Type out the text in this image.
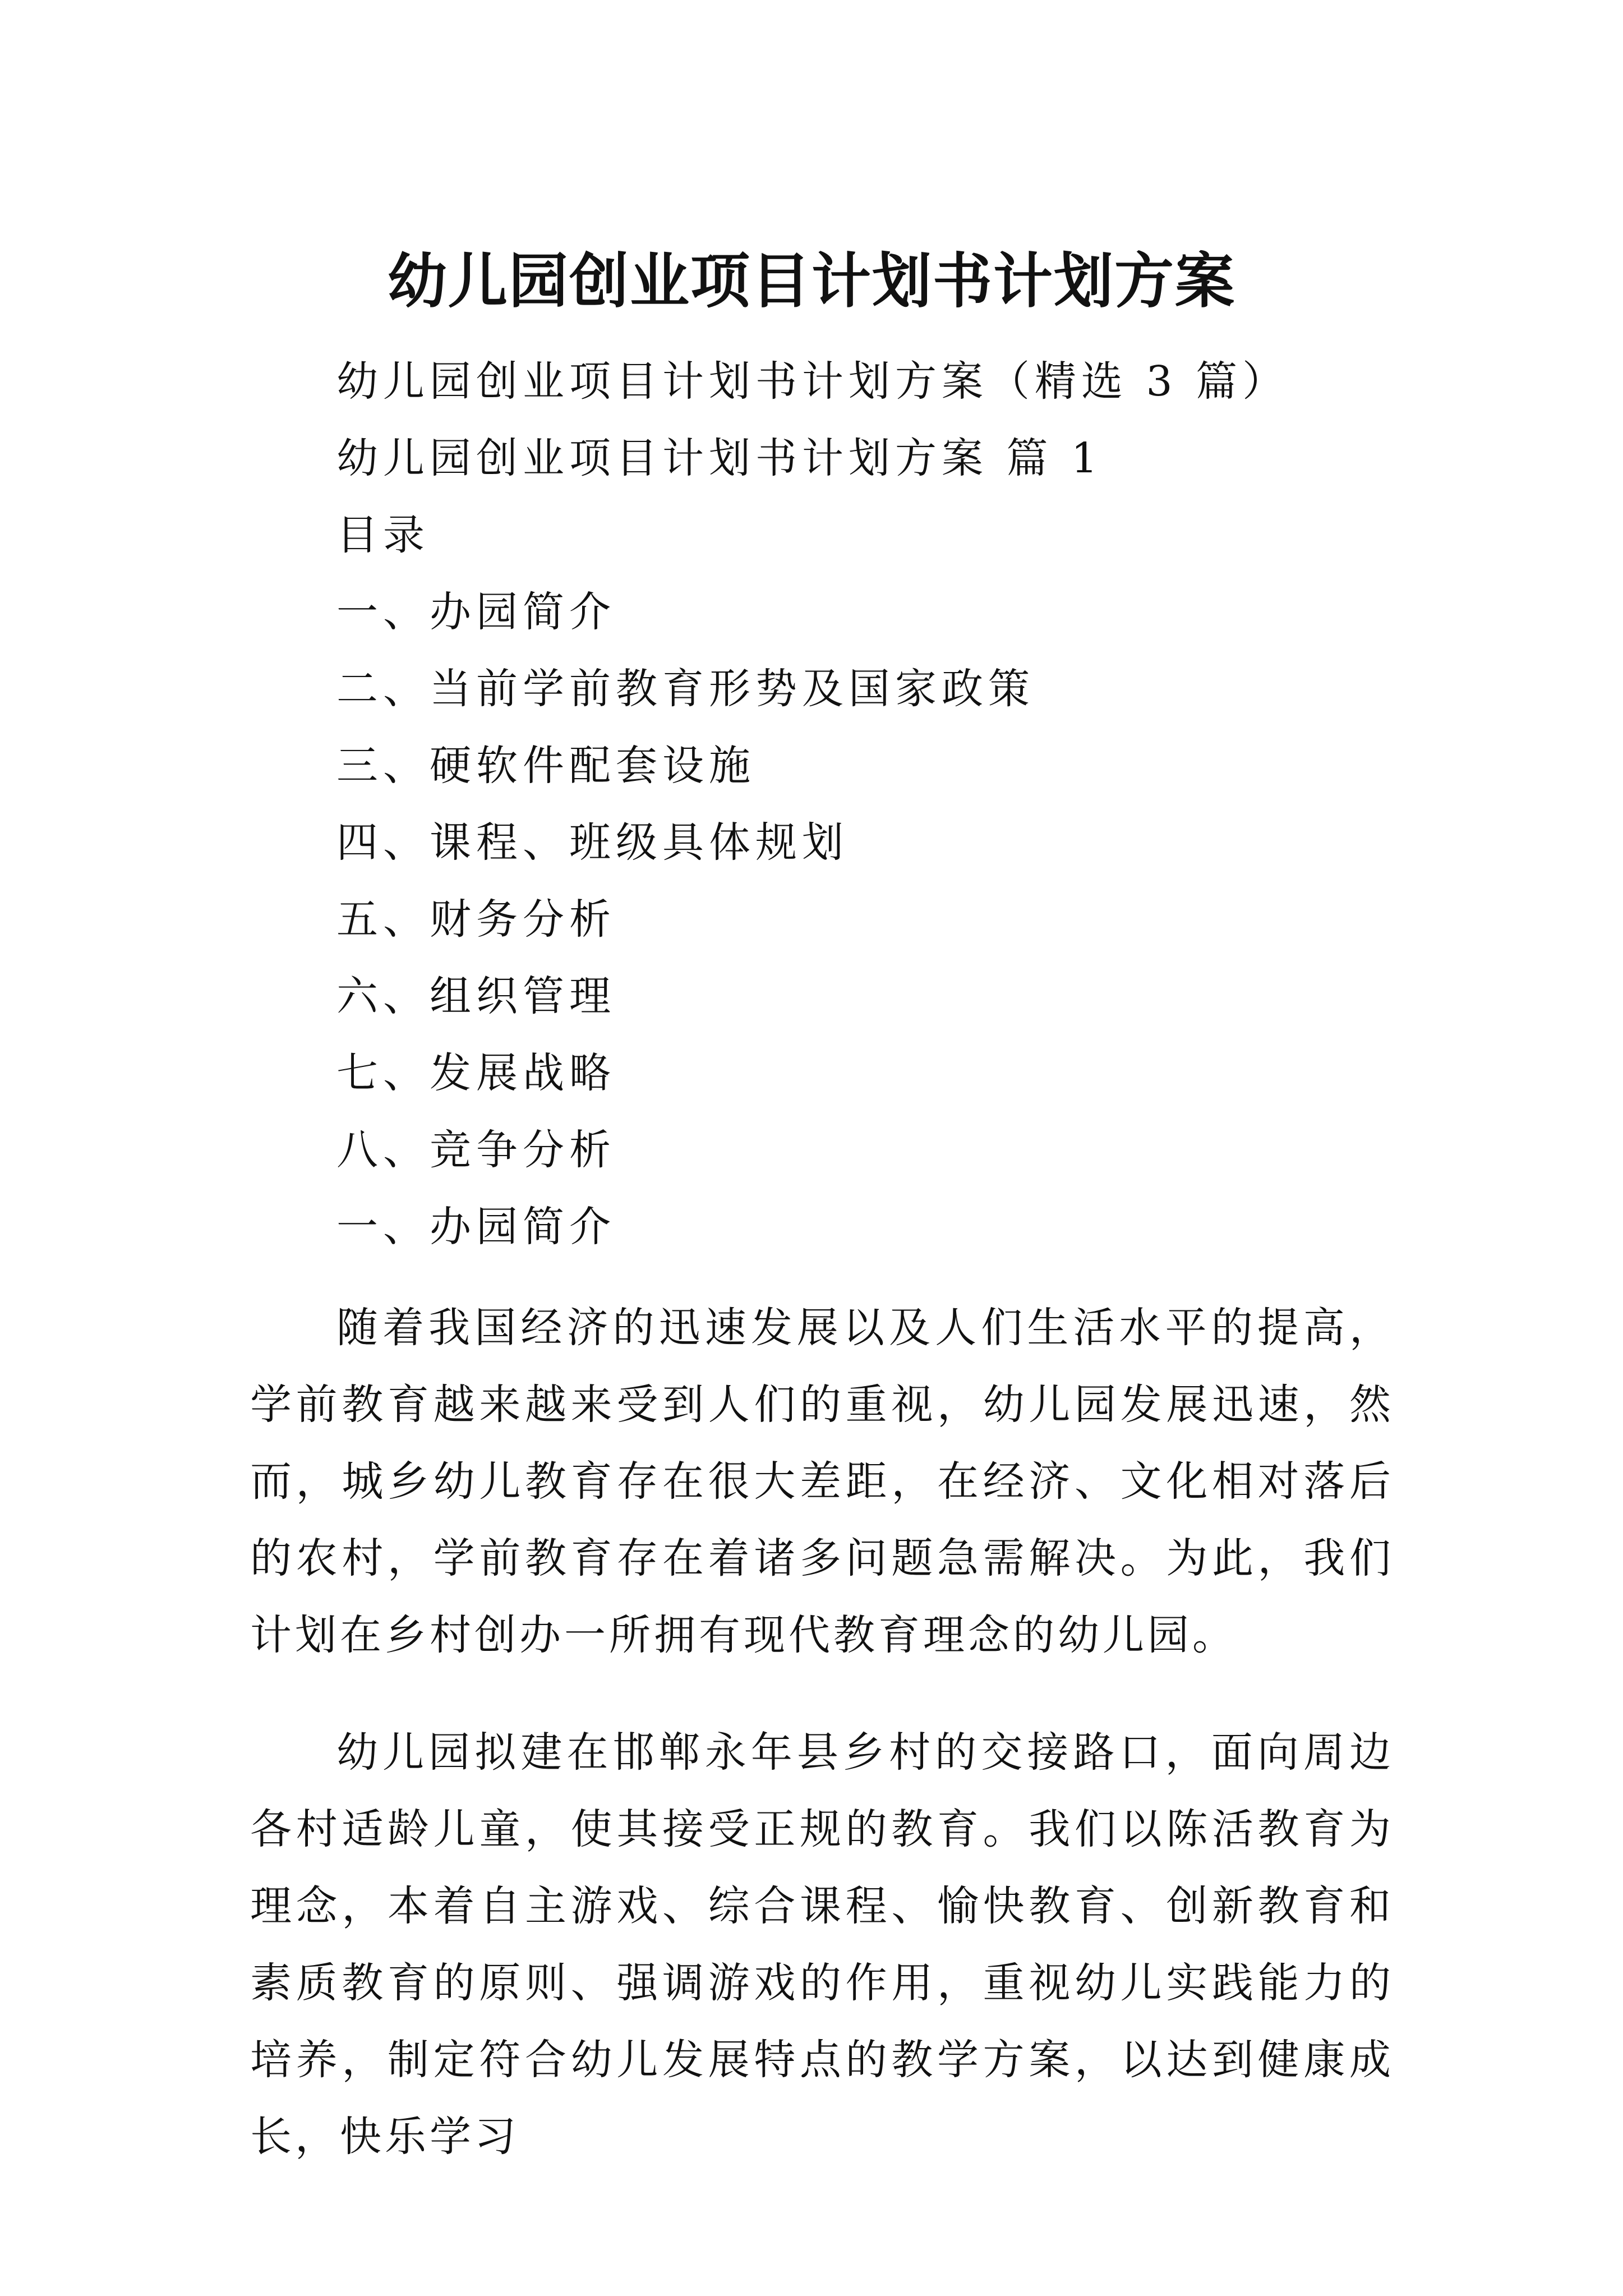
幼儿园创业项目计划书计划方案
幼儿园创业项目计划书计划方案（精选 3 篇）
幼儿园创业项目计划书计划方案 篇 1
目录
一、办园简介
二、当前学前教育形势及国家政策
三、硬软件配套设施
四、课程、班级具体规划
五、财务分析
六、组织管理
七、发展战略
八、竞争分析
一、办园简介

随着我国经济的迅速发展以及人们生活水平的提高，学前教育越来越来受到人们的重视，幼儿园发展迅速，然而，城乡幼儿教育存在很大差距，在经济、文化相对落后的农村，学前教育存在着诸多问题急需解决。为此，我们计划在乡村创办一所拥有现代教育理念的幼儿园。

幼儿园拟建在邯郸永年县乡村的交接路口，面向周边各村适龄儿童，使其接受正规的教育。我们以陈活教育为理念，本着自主游戏、综合课程、愉快教育、创新教育和素质教育的原则、强调游戏的作用，重视幼儿实践能力的培养，制定符合幼儿发展特点的教学方案，以达到健康成长，快乐学习
